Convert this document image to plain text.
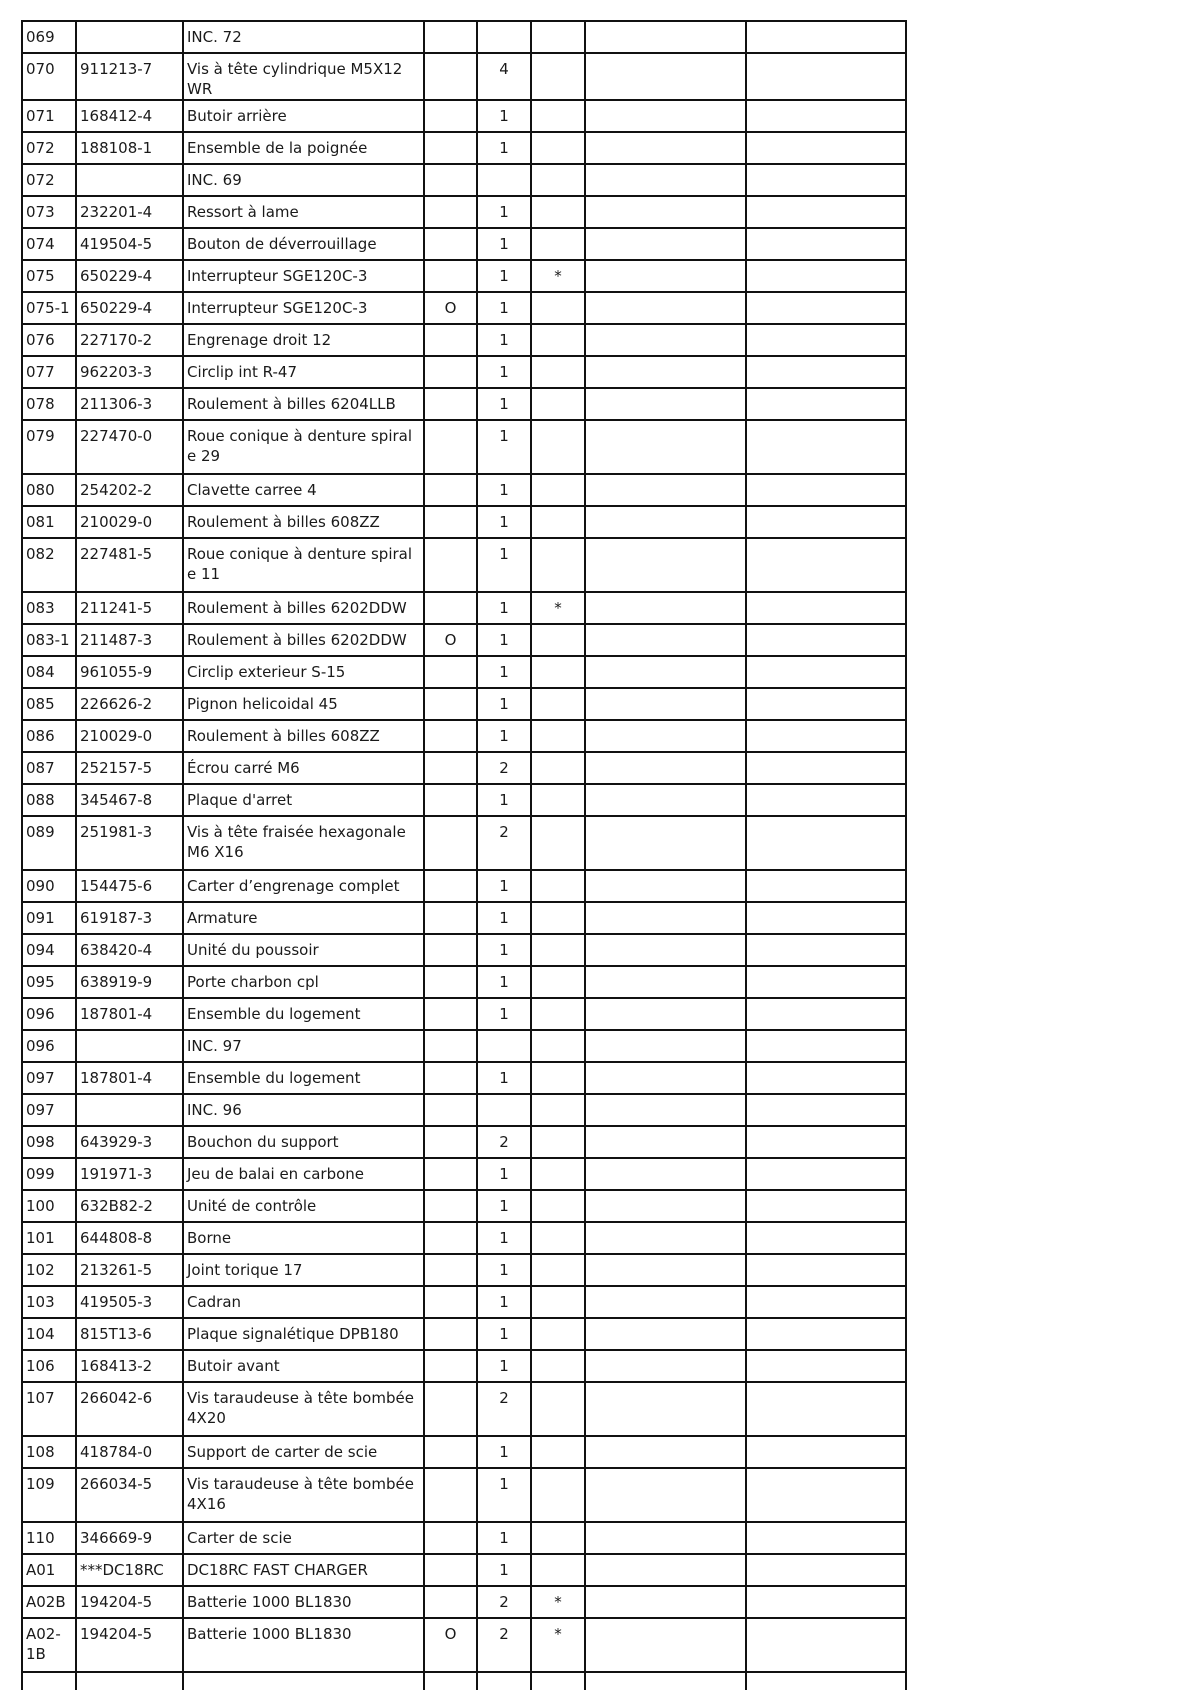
069		INC. 72					
070	911213-7	Vis à tête cylindrique M5X12 WR		4			
071	168412-4	Butoir arrière		1			
072	188108-1	Ensemble de la poignée		1			
072		INC. 69					
073	232201-4	Ressort à lame		1			
074	419504-5	Bouton de déverrouillage		1			
075	650229-4	Interrupteur SGE120C-3		1	*		
075-1	650229-4	Interrupteur SGE120C-3	O	1			
076	227170-2	Engrenage droit 12		1			
077	962203-3	Circlip int R-47		1			
078	211306-3	Roulement à billes 6204LLB		1			
079	227470-0	Roue conique à denture spirale 29		1			
080	254202-2	Clavette carree 4		1			
081	210029-0	Roulement à billes 608ZZ		1			
082	227481-5	Roue conique à denture spirale 11		1			
083	211241-5	Roulement à billes 6202DDW		1	*		
083-1	211487-3	Roulement à billes 6202DDW	O	1			
084	961055-9	Circlip exterieur S-15		1			
085	226626-2	Pignon helicoidal 45		1			
086	210029-0	Roulement à billes 608ZZ		1			
087	252157-5	Écrou carré M6		2			
088	345467-8	Plaque d'arret		1			
089	251981-3	Vis à tête fraisée hexagonale M6 X16		2			
090	154475-6	Carter d’engrenage complet		1			
091	619187-3	Armature		1			
094	638420-4	Unité du poussoir		1			
095	638919-9	Porte charbon cpl		1			
096	187801-4	Ensemble du logement		1			
096		INC. 97					
097	187801-4	Ensemble du logement		1			
097		INC. 96					
098	643929-3	Bouchon du support		2			
099	191971-3	Jeu de balai en carbone		1			
100	632B82-2	Unité de contrôle		1			
101	644808-8	Borne		1			
102	213261-5	Joint torique 17		1			
103	419505-3	Cadran		1			
104	815T13-6	Plaque signalétique DPB180		1			
106	168413-2	Butoir avant		1			
107	266042-6	Vis taraudeuse à tête bombée 4X20		2			
108	418784-0	Support de carter de scie		1			
109	266034-5	Vis taraudeuse à tête bombée 4X16		1			
110	346669-9	Carter de scie		1			
A01	***DC18RC	DC18RC FAST CHARGER		1			
A02B	194204-5	Batterie 1000 BL1830		2	*		
A02-1B	194204-5	Batterie 1000 BL1830	O	2	*		
